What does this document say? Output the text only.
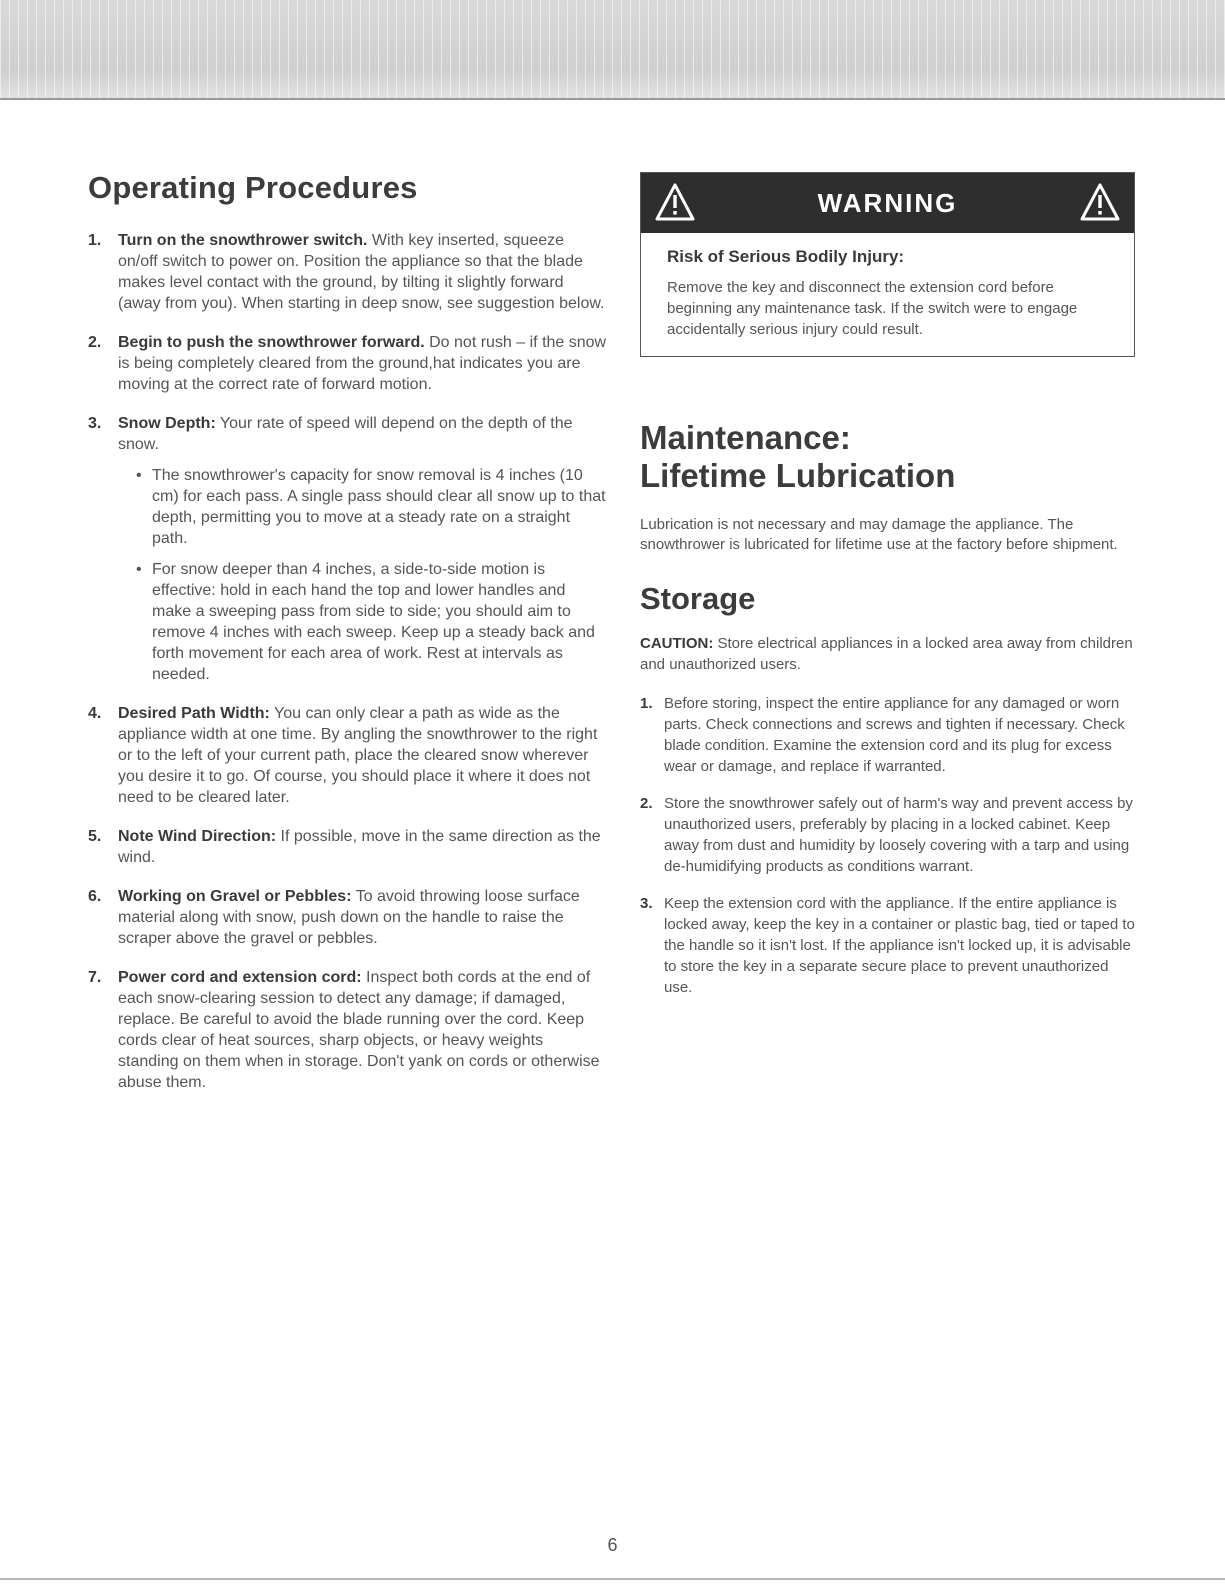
Operating Procedures
1. Turn on the snowthrower switch. With key inserted, squeeze on/off switch to power on. Position the appliance so that the blade makes level contact with the ground, by tilting it slightly forward (away from you). When starting in deep snow, see suggestion below.

2. Begin to push the snowthrower forward. Do not rush – if the snow is being completely cleared from the ground,hat indicates you are moving at the correct rate of forward motion.

3. Snow Depth: Your rate of speed will depend on the depth of the snow.

• The snowthrower's capacity for snow removal is 4 inches (10 cm) for each pass. A single pass should clear all snow up to that depth, permitting you to move at a steady rate on a straight path.
• For snow deeper than 4 inches, a side-to-side motion is effective: hold in each hand the top and lower handles and make a sweeping pass from side to side; you should aim to remove 4 inches with each sweep. Keep up a steady back and forth movement for each area of work. Rest at intervals as needed.
4. Desired Path Width: You can only clear a path as wide as the appliance width at one time. By angling the snowthrower to the right or to the left of your current path, place the cleared snow wherever you desire it to go. Of course, you should place it where it does not need to be cleared later.

5. Note Wind Direction: If possible, move in the same direction as the wind.

6. Working on Gravel or Pebbles: To avoid throwing loose surface material along with snow, push down on the handle to raise the scraper above the gravel or pebbles.

7. Power cord and extension cord: Inspect both cords at the end of each snow-clearing session to detect any damage; if damaged, replace. Be careful to avoid the blade running over the cord. Keep cords clear of heat sources, sharp objects, or heavy weights standing on them when in storage. Don't yank on cords or otherwise abuse them.

WARNING

Risk of Serious Bodily Injury:

Remove the key and disconnect the extension cord before beginning any maintenance task. If the switch were to engage accidentally serious injury could result.

Maintenance:
Lifetime Lubrication

Lubrication is not necessary and may damage the appliance. The snowthrower is lubricated for lifetime use at the factory before shipment.

Storage

CAUTION: Store electrical appliances in a locked area away from children and unauthorized users.

1. Before storing, inspect the entire appliance for any damaged or worn parts. Check connections and screws and tighten if necessary. Check blade condition. Examine the extension cord and its plug for excess wear or damage, and replace if warranted.

2. Store the snowthrower safely out of harm's way and prevent access by unauthorized users, preferably by placing in a locked cabinet. Keep away from dust and humidity by loosely covering with a tarp and using de-humidifying products as conditions warrant.

3. Keep the extension cord with the appliance. If the entire appliance is locked away, keep the key in a container or plastic bag, tied or taped to the handle so it isn't lost. If the appliance isn't locked up, it is advisable to store the key in a separate secure place to prevent unauthorized use.

6
